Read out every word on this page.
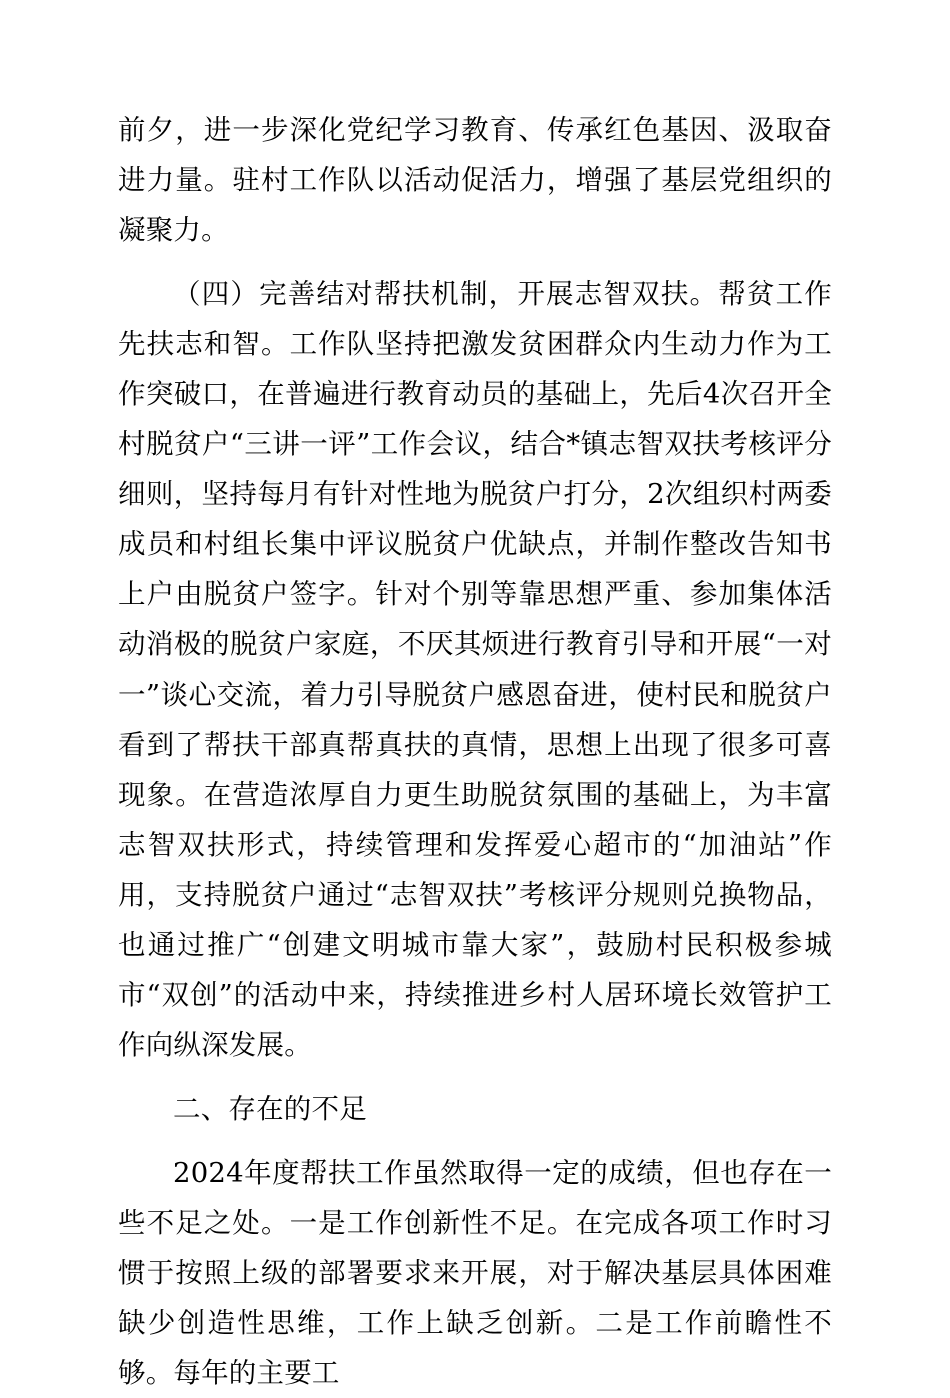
前夕，进一步深化党纪学习教育、传承红色基因、汲取奋进力量。驻村工作队以活动促活力，增强了基层党组织的凝聚力。

（四）完善结对帮扶机制，开展志智双扶。帮贫工作先扶志和智。工作队坚持把激发贫困群众内生动力作为工作突破口，在普遍进行教育动员的基础上，先后4次召开全村脱贫户“三讲一评”工作会议，结合*镇志智双扶考核评分细则，坚持每月有针对性地为脱贫户打分，2次组织村两委成员和村组长集中评议脱贫户优缺点，并制作整改告知书上户由脱贫户签字。针对个别等靠思想严重、参加集体活动消极的脱贫户家庭，不厌其烦进行教育引导和开展“一对一”谈心交流，着力引导脱贫户感恩奋进，使村民和脱贫户看到了帮扶干部真帮真扶的真情，思想上出现了很多可喜现象。在营造浓厚自力更生助脱贫氛围的基础上，为丰富志智双扶形式，持续管理和发挥爱心超市的“加油站”作用，支持脱贫户通过“志智双扶”考核评分规则兑换物品，也通过推广“创建文明城市靠大家”，鼓励村民积极参城市“双创”的活动中来，持续推进乡村人居环境长效管护工作向纵深发展。

二、存在的不足

2024年度帮扶工作虽然取得一定的成绩，但也存在一些不足之处。一是工作创新性不足。在完成各项工作时习惯于按照上级的部署要求来开展，对于解决基层具体困难缺少创造性思维，工作上缺乏创新。二是工作前瞻性不够。每年的主要工
